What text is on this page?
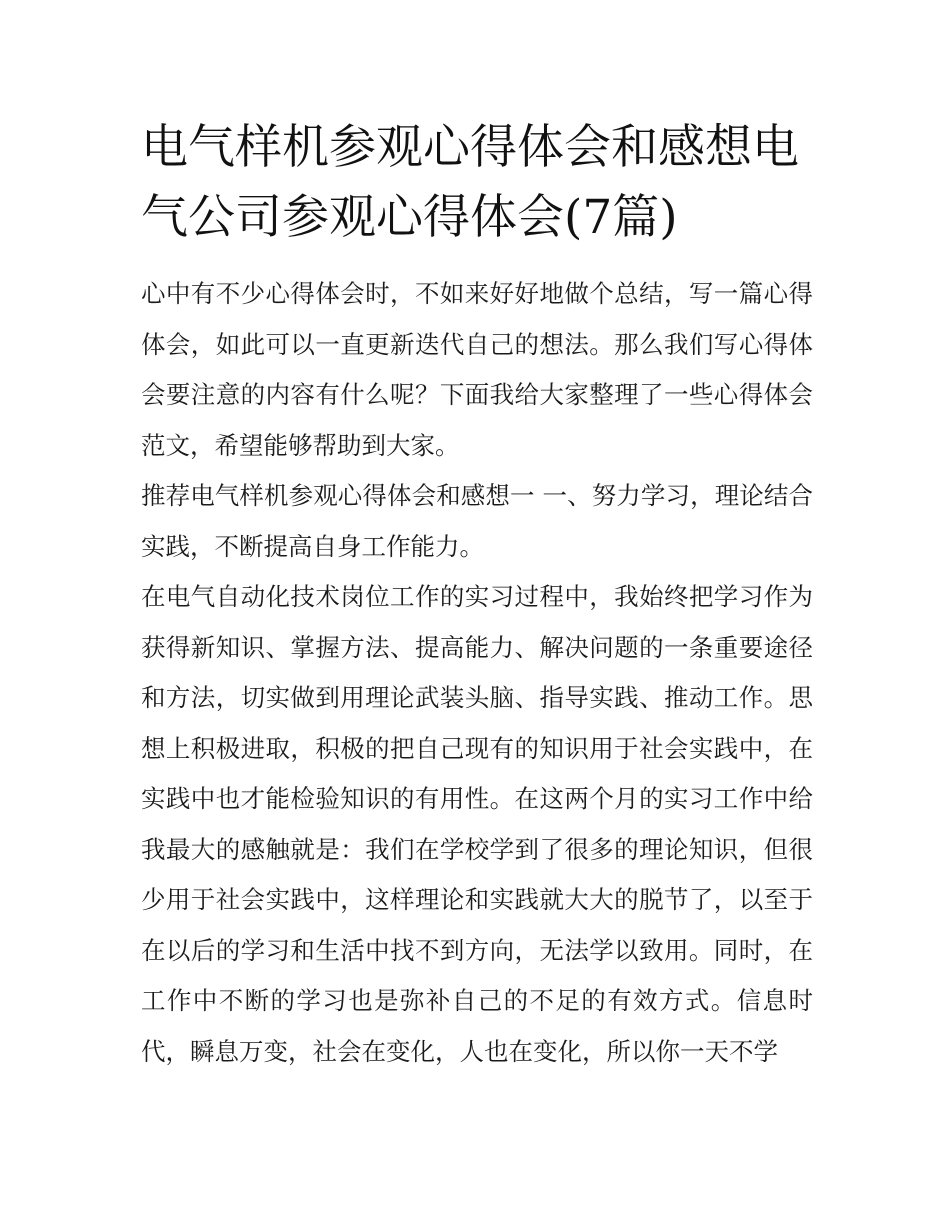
电气样机参观心得体会和感想电气公司参观心得体会(7篇)

心中有不少心得体会时，不如来好好地做个总结，写一篇心得体会，如此可以一直更新迭代自己的想法。那么我们写心得体会要注意的内容有什么呢？下面我给大家整理了一些心得体会范文，希望能够帮助到大家。

推荐电气样机参观心得体会和感想一 一、努力学习，理论结合实践，不断提高自身工作能力。

在电气自动化技术岗位工作的实习过程中，我始终把学习作为获得新知识、掌握方法、提高能力、解决问题的一条重要途径和方法，切实做到用理论武装头脑、指导实践、推动工作。思想上积极进取，积极的把自己现有的知识用于社会实践中，在实践中也才能检验知识的有用性。在这两个月的实习工作中给我最大的感触就是：我们在学校学到了很多的理论知识，但很少用于社会实践中，这样理论和实践就大大的脱节了，以至于在以后的学习和生活中找不到方向，无法学以致用。同时，在工作中不断的学习也是弥补自己的不足的有效方式。信息时代，瞬息万变，社会在变化，人也在变化，所以你一天不学
